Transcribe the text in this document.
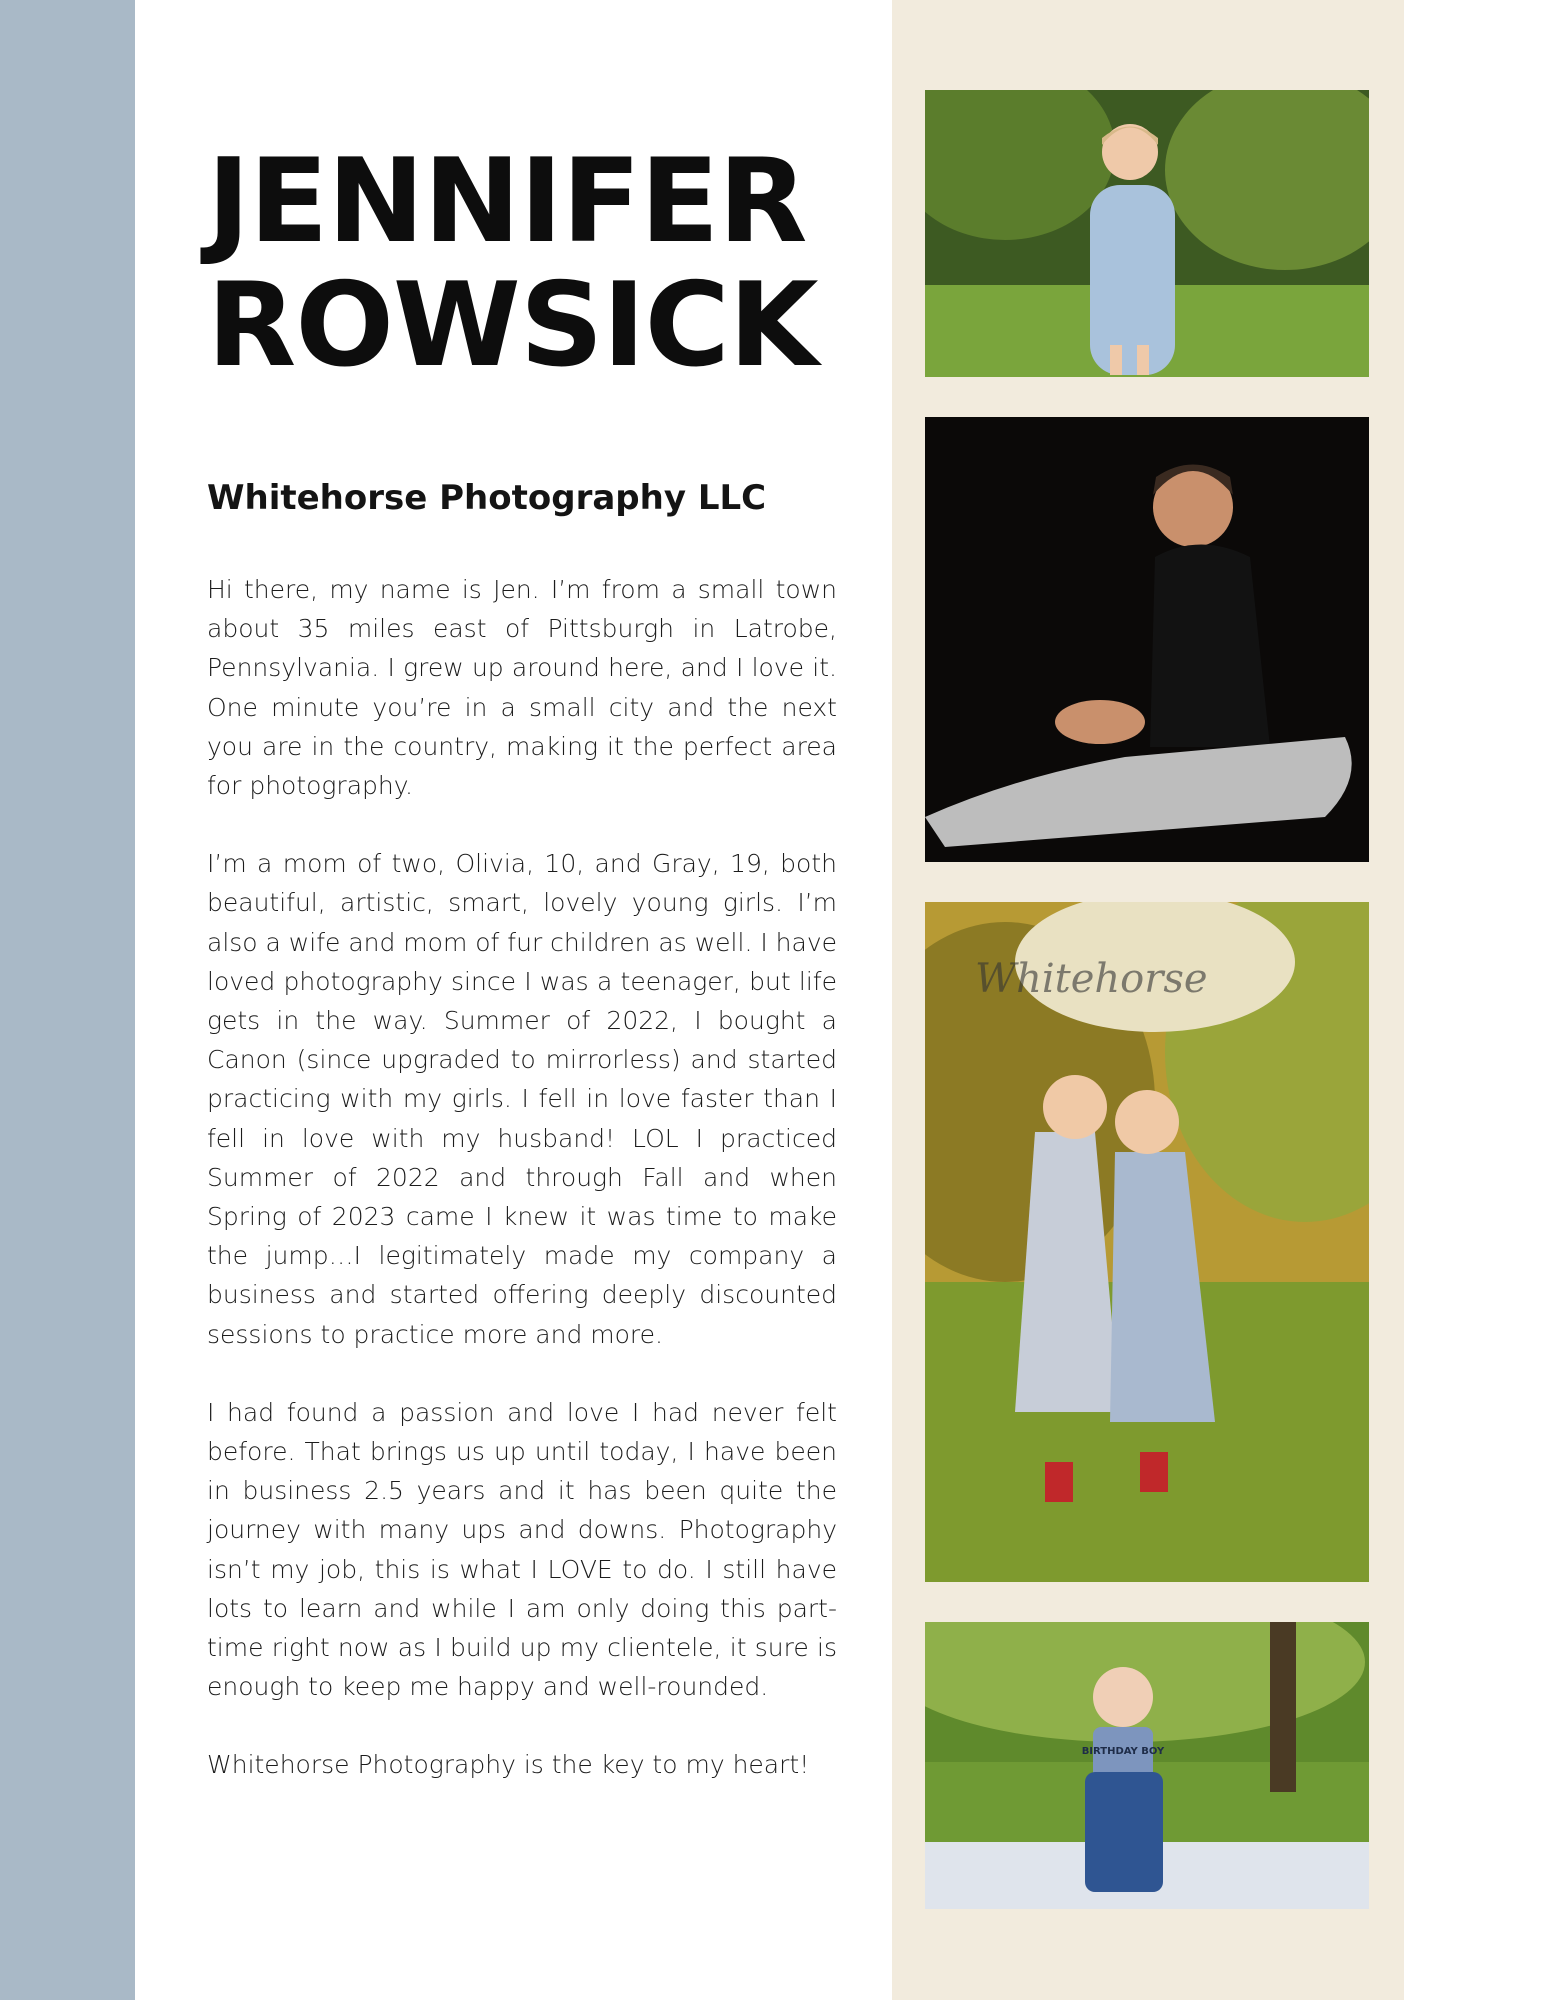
JENNIFER
ROWSICK
Whitehorse Photography LLC

Hi there, my name is Jen. I’m from a small town about 35 miles east of Pittsburgh in Latrobe, Pennsylvania. I grew up around here, and I love it. One minute you’re in a small city and the next you are in the country, making it the perfect area for photography.

I’m a mom of two, Olivia, 10, and Gray, 19, both beautiful, artistic, smart, lovely young girls. I’m also a wife and mom of fur children as well. I have loved photography since I was a teenager, but life gets in the way. Summer of 2022, I bought a Canon (since upgraded to mirrorless) and started practicing with my girls. I fell in love faster than I fell in love with my husband! LOL I practiced Summer of 2022 and through Fall and when Spring of 2023 came I knew it was time to make the jump…I legitimately made my company a business and started offering deeply discounted sessions to practice more and more.

I had found a passion and love I had never felt before. That brings us up until today, I have been in business 2.5 years and it has been quite the journey with many ups and downs. Photography isn’t my job, this is what I LOVE to do. I still have lots to learn and while I am only doing this part-time right now as I build up my clientele, it sure is enough to keep me happy and well-rounded.

Whitehorse Photography is the key to my heart!

Whitehorse
BIRTHDAY BOY
